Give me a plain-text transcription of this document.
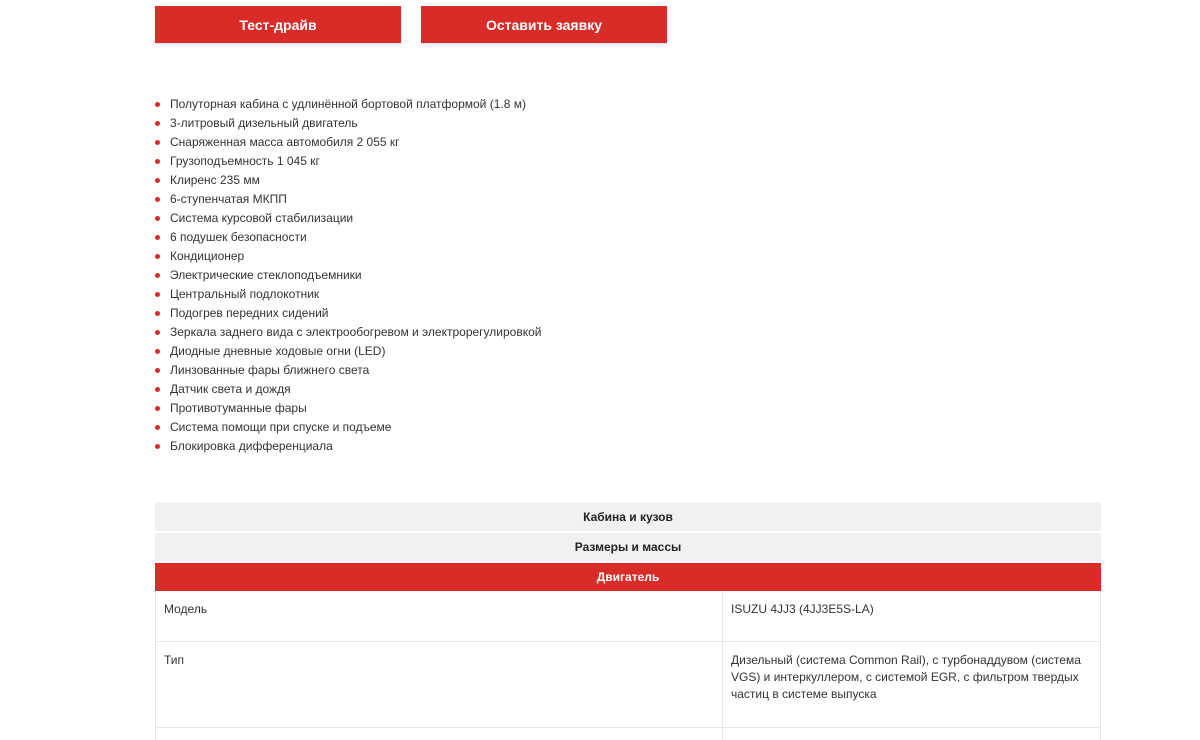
Тест-драйв	Оставить заявку
Полуторная кабина с удлинённой бортовой платформой (1.8 м)
3-литровый дизельный двигатель
Снаряженная масса автомобиля 2 055 кг
Грузоподъемность 1 045 кг
Клиренс 235 мм
6-ступенчатая МКПП
Система курсовой стабилизации
6 подушек безопасности
Кондиционер
Электрические стеклоподъемники
Центральный подлокотник
Подогрев передних сидений
Зеркала заднего вида с электрообогревом и электрорегулировкой
Диодные дневные ходовые огни (LED)
Линзованные фары ближнего света
Датчик света и дождя
Противотуманные фары
Система помощи при спуске и подъеме
Блокировка дифференциала
Кабина и кузов
Размеры и массы
Двигатель
Модель	ISUZU 4JJ3 (4JJ3E5S-LA)
Тип	Дизельный (система Common Rail), с турбонаддувом (система VGS) и интеркуллером, с системой EGR, с фильтром твердых частиц в системе выпуска
